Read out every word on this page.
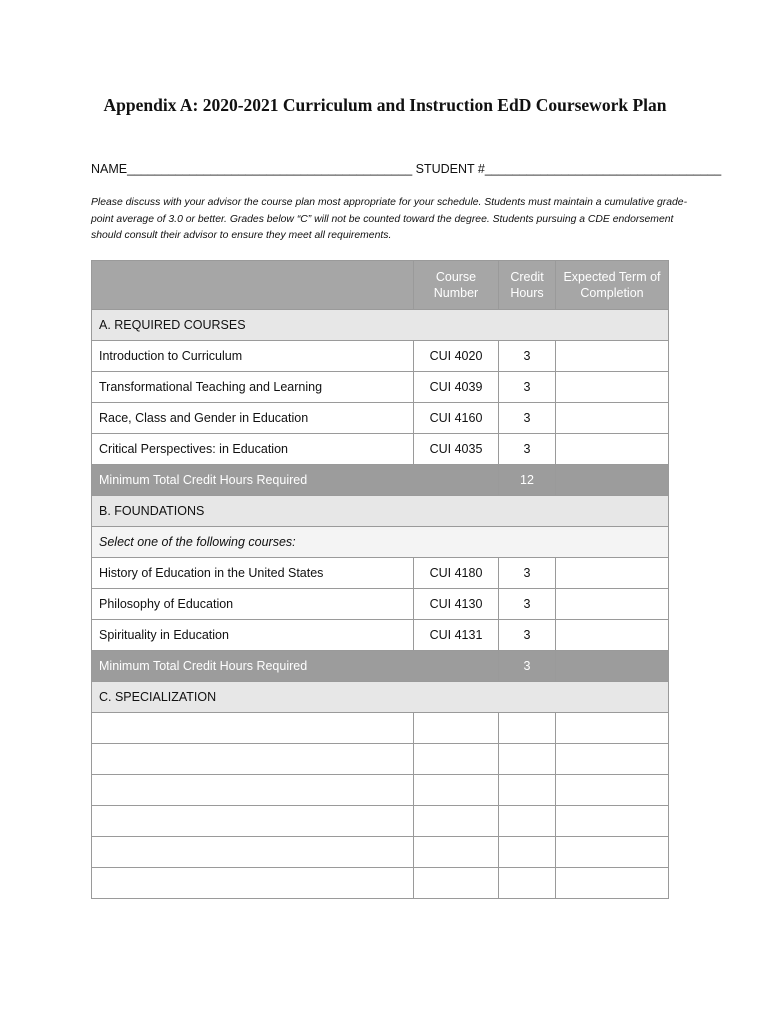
Appendix A: 2020-2021 Curriculum and Instruction EdD Coursework Plan
NAME_________________________________________ STUDENT #__________________________________
Please discuss with your advisor the course plan most appropriate for your schedule. Students must maintain a cumulative grade-point average of 3.0 or better. Grades below “C” will not be counted toward the degree. Students pursuing a CDE endorsement should consult their advisor to ensure they meet all requirements.
	Course Number	Credit Hours	Expected Term of Completion
A. REQUIRED COURSES			
Introduction to Curriculum	CUI 4020	3	
Transformational Teaching and Learning	CUI 4039	3	
Race, Class and Gender in Education	CUI 4160	3	
Critical Perspectives: in Education	CUI 4035	3	
Minimum Total Credit Hours Required		12	
B. FOUNDATIONS			
Select one of the following courses:			
History of Education in the United States	CUI 4180	3	
Philosophy of Education	CUI 4130	3	
Spirituality in Education	CUI 4131	3	
Minimum Total Credit Hours Required		3	
C. SPECIALIZATION			
